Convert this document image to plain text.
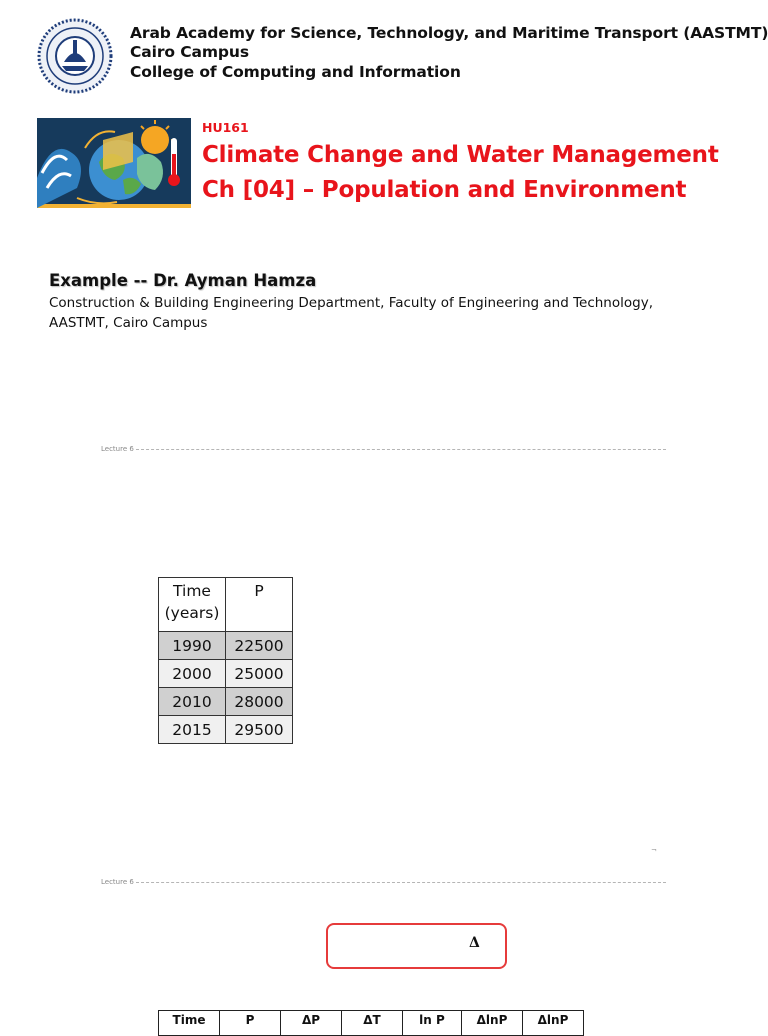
Arab Academy for Science, Technology, and Maritime Transport (AASTMT)
Cairo Campus
College of Computing and Information
HU161
Climate Change and Water Management
Ch [04] – Population and Environment
Example -- Dr. Ayman Hamza
Construction & Building Engineering Department, Faculty of Engineering and Technology,
AASTMT, Cairo Campus
Lecture 6
Time
(years)	P
1990	22500
2000	25000
2010	28000
2015	29500
¬
Lecture 6
Δ
Time	P	ΔP	ΔT	ln P	ΔlnP	ΔlnP
